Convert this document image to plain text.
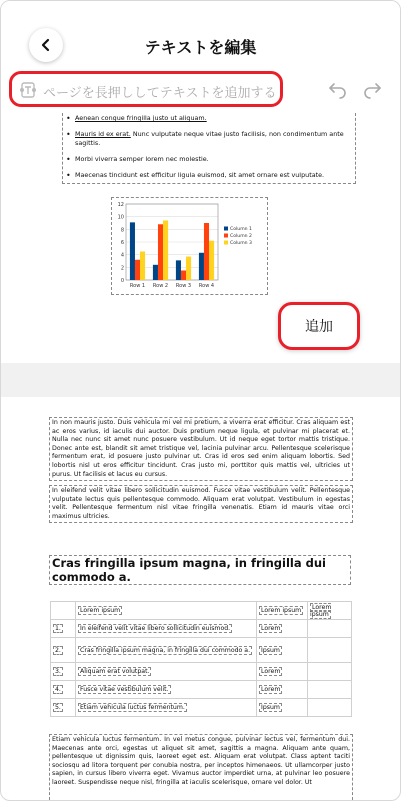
テキストを編集
ページを長押ししてテキストを追加する
• Aenean congue fringilla justo ut aliquam.
• Mauris id ex erat. Nunc vulputate neque vitae justo facilisis, non condimentum ante sagittis.
• Morbi viverra semper lorem nec molestie.
• Maecenas tincidunt est efficitur ligula euismod, sit amet ornare est vulputate.
0
2
4
6
8
10
12
Row 1 Row 2 Row 3 Row 4
Column 1
Column 2
Column 3
追加
In non mauris justo. Duis vehicula mi vel mi pretium, a viverra erat efficitur. Cras aliquam est ac eros varius, id iaculis dui auctor. Duis pretium neque ligula, et pulvinar mi placerat et. Nulla nec nunc sit amet nunc posuere vestibulum. Ut id neque eget tortor mattis tristique. Donec ante est, blandit sit amet tristique vel, lacinia pulvinar arcu. Pellentesque scelerisque fermentum erat, id posuere justo pulvinar ut. Cras id eros sed enim aliquam lobortis. Sed lobortis nisl ut eros efficitur tincidunt. Cras justo mi, porttitor quis mattis vel, ultricies ut purus. Ut facilisis et lacus eu cursus.
In eleifend velit vitae libero sollicitudin euismod. Fusce vitae vestibulum velit. Pellentesque vulputate lectus quis pellentesque commodo. Aliquam erat volutpat. Vestibulum in egestas velit. Pellentesque fermentum nisl vitae fringilla venenatis. Etiam id mauris vitae orci maximus ultricies.
Cras fringilla ipsum magna, in fringilla dui commodo a.
	Lorem ipsum	Lorem ipsum	Lorem ipsum
1.	In eleifend velit vitae libero sollicitudin euismod.	Lorem	
2.	Cras fringilla ipsum magna, in fringilla dui commodo a.	Ipsum	
3.	Aliquam erat volutpat.	Lorem	
4.	Fusce vitae vestibulum velit.	Lorem	
5.	Etiam vehicula luctus fermentum.	Ipsum	
Etiam vehicula luctus fermentum. In vel metus congue, pulvinar lectus vel, fermentum dui. Maecenas ante orci, egestas ut aliquet sit amet, sagittis a magna. Aliquam ante quam, pellentesque ut dignissim quis, laoreet eget est. Aliquam erat volutpat. Class aptent taciti sociosqu ad litora torquent per conubia nostra, per inceptos himenaeos. Ut ullamcorper justo sapien, in cursus libero viverra eget. Vivamus auctor imperdiet urna, at pulvinar leo posuere laoreet. Suspendisse neque nisl, fringilla at iaculis scelerisque, ornare vel dolor. Ut
